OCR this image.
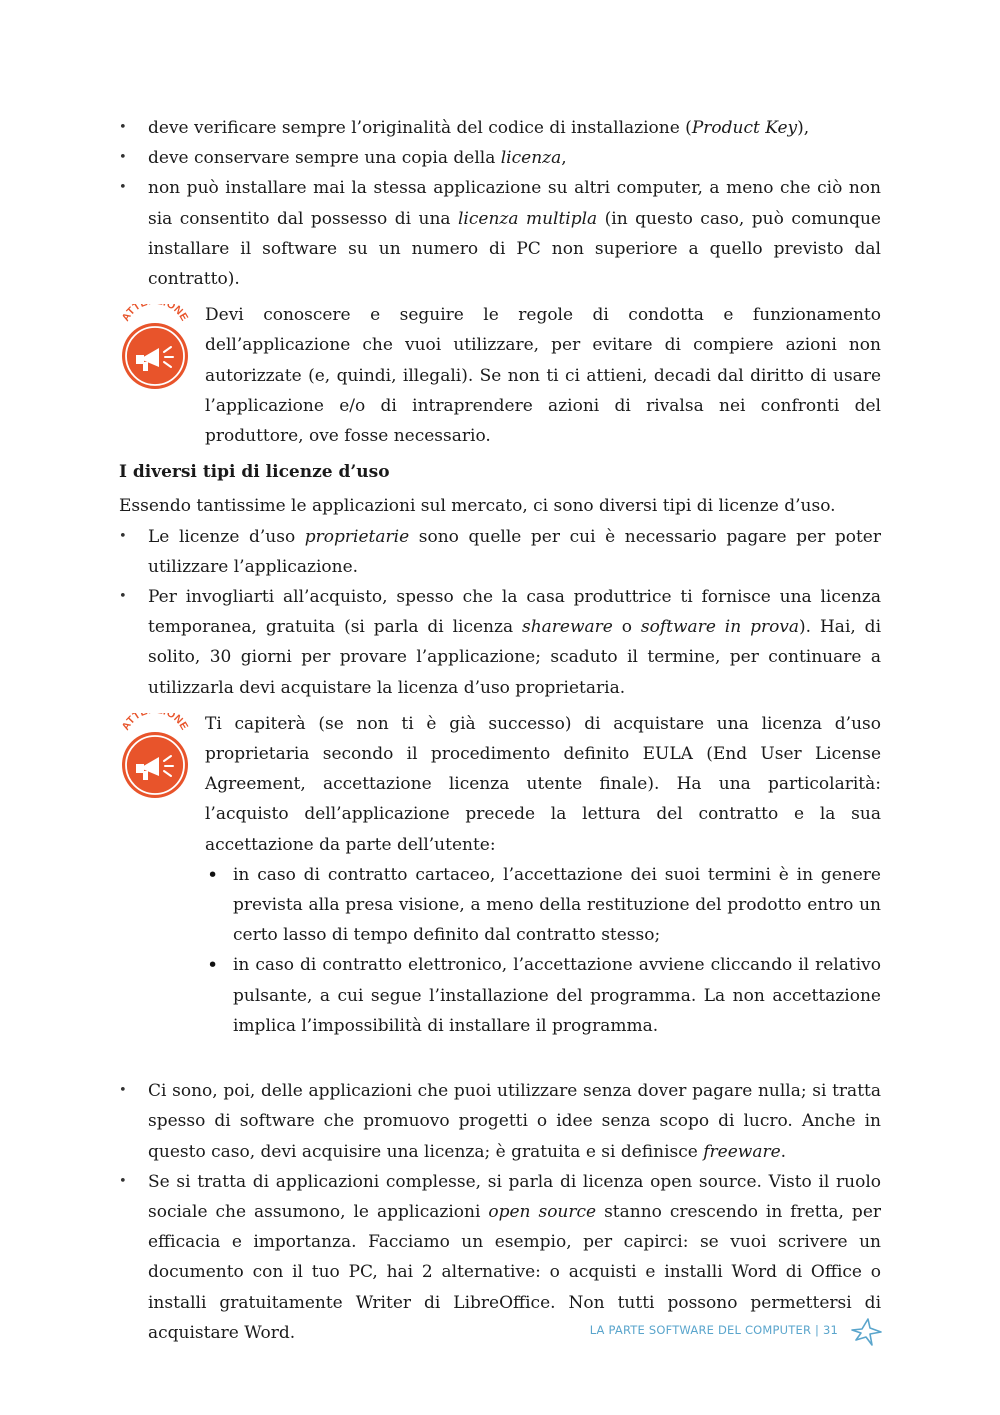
• deve verificare sempre l’originalità del codice di installazione (Product Key),
• deve conservare sempre una copia della licenza,
• non può installare mai la stessa applicazione su altri computer, a meno che ciò non sia consentito dal possesso di una licenza multipla (in questo caso, può comunque installare il software su un numero di PC non superiore a quello previsto dal contratto).
ATT ONE Devi conoscere e seguire le regole di condotta e funzionamento dell’applicazione che vuoi utilizzare, per evitare di compiere azioni non autorizzate (e, quindi, illegali). Se non ti ci attieni, decadi dal diritto di usare l’applicazione e/o di intraprendere azioni di rivalsa nei confronti del produttore, ove fosse necessario.

I diversi tipi di licenze d’uso

Essendo tantissime le applicazioni sul mercato, ci sono diversi tipi di licenze d’uso.

• Le licenze d’uso proprietarie sono quelle per cui è necessario pagare per poter utilizzare l’applicazione.
• Per invogliarti all’acquisto, spesso che la casa produttrice ti fornisce una licenza temporanea, gratuita (si parla di licenza shareware o software in prova). Hai, di solito, 30 giorni per provare l’applicazione; scaduto il termine, per continuare a utilizzarla devi acquistare la licenza d’uso proprietaria.
ATT ONE Ti capiterà (se non ti è già successo) di acquistare una licenza d’uso proprietaria secondo il procedimento definito EULA (End User License Agreement, accettazione licenza utente finale). Ha una particolarità: l’acquisto dell’applicazione precede la lettura del contratto e la sua accettazione da parte dell’utente:

• in caso di contratto cartaceo, l’accettazione dei suoi termini è in genere prevista alla presa visione, a meno della restituzione del prodotto entro un certo lasso di tempo definito dal contratto stesso;
• in caso di contratto elettronico, l’accettazione avviene cliccando il relativo pulsante, a cui segue l’installazione del programma. La non accettazione implica l’impossibilità di installare il programma.
• Ci sono, poi, delle applicazioni che puoi utilizzare senza dover pagare nulla; si tratta spesso di software che promuovo progetti o idee senza scopo di lucro. Anche in questo caso, devi acquisire una licenza; è gratuita e si definisce freeware.
• Se si tratta di applicazioni complesse, si parla di licenza open source. Visto il ruolo sociale che assumono, le applicazioni open source stanno crescendo in fretta, per efficacia e importanza. Facciamo un esempio, per capirci: se vuoi scrivere un documento con il tuo PC, hai 2 alternative: o acquisti e installi Word di Office o installi gratuitamente Writer di LibreOffice. Non tutti possono permettersi di acquistare Word.	LA PARTE SOFTWARE DEL COMPUTER | 31
